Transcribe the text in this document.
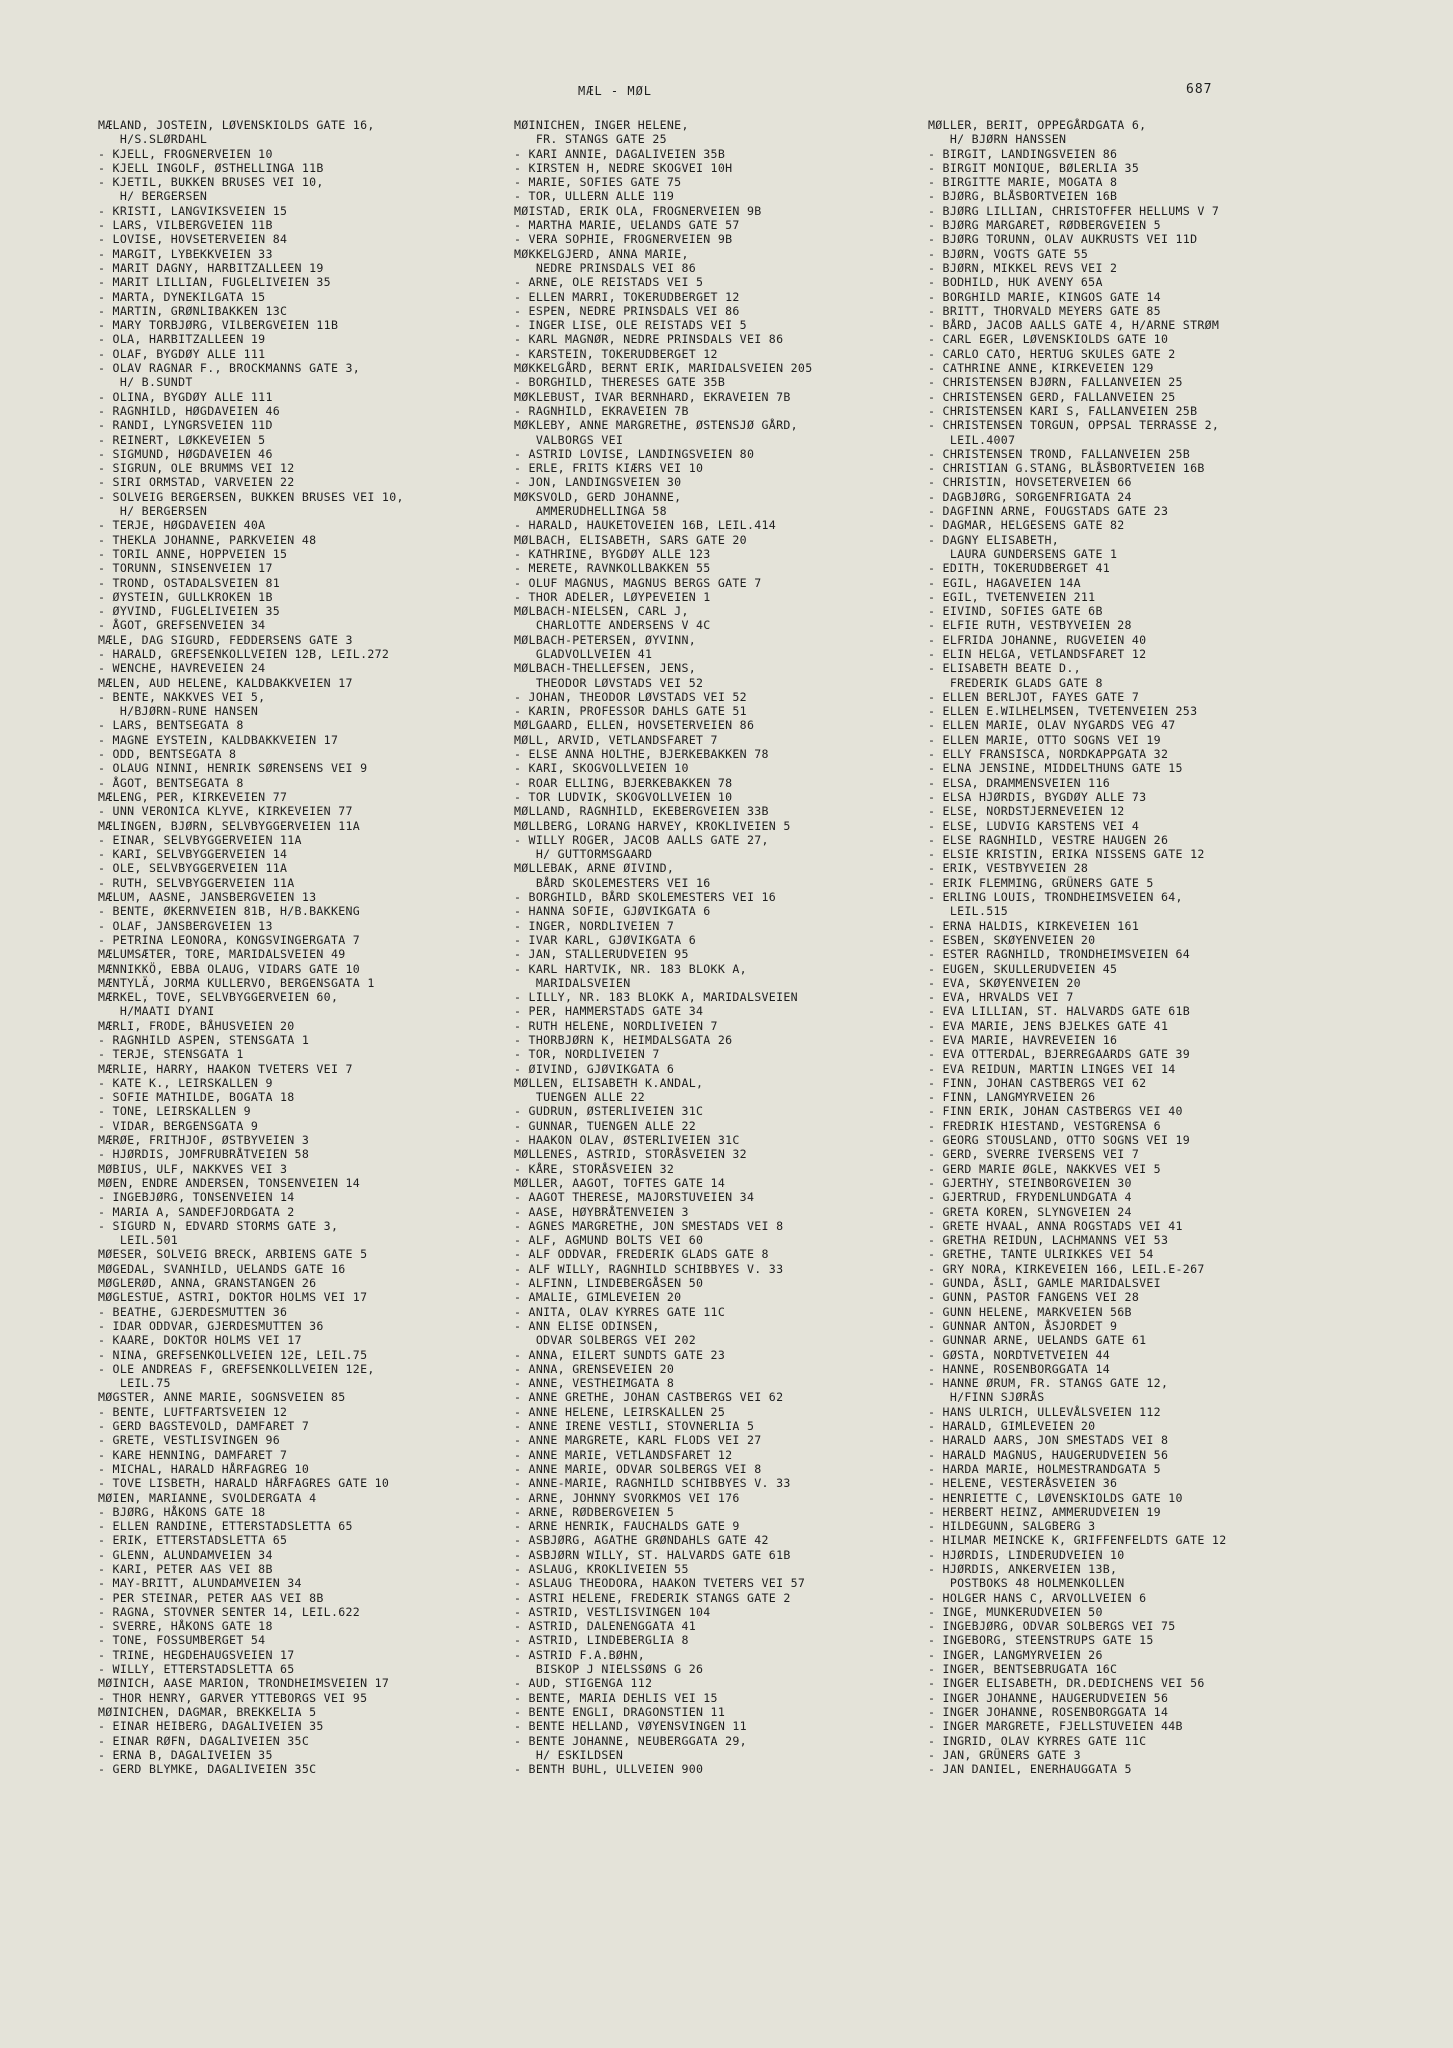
MÆL - MØL	687
MÆLAND, JOSTEIN, LØVENSKIOLDS GATE 16,
H/S.SLØRDAHL
- KJELL, FROGNERVEIEN 10
- KJELL INGOLF, ØSTHELLINGA 11B
- KJETIL, BUKKEN BRUSES VEI 10,
H/ BERGERSEN
- KRISTI, LANGVIKSVEIEN 15
- LARS, VILBERGVEIEN 11B
- LOVISE, HOVSETERVEIEN 84
- MARGIT, LYBEKKVEIEN 33
- MARIT DAGNY, HARBITZALLEEN 19
- MARIT LILLIAN, FUGLELIVEIEN 35
- MARTA, DYNEKILGATA 15
- MARTIN, GRØNLIBAKKEN 13C
- MARY TORBJØRG, VILBERGVEIEN 11B
- OLA, HARBITZALLEEN 19
- OLAF, BYGDØY ALLE 111
- OLAV RAGNAR F., BROCKMANNS GATE 3,
H/ B.SUNDT
- OLINA, BYGDØY ALLE 111
- RAGNHILD, HØGDAVEIEN 46
- RANDI, LYNGRSVEIEN 11D
- REINERT, LØKKEVEIEN 5
- SIGMUND, HØGDAVEIEN 46
- SIGRUN, OLE BRUMMS VEI 12
- SIRI ORMSTAD, VARVEIEN 22
- SOLVEIG BERGERSEN, BUKKEN BRUSES VEI 10,
H/ BERGERSEN
- TERJE, HØGDAVEIEN 40A
- THEKLA JOHANNE, PARKVEIEN 48
- TORIL ANNE, HOPPVEIEN 15
- TORUNN, SINSENVEIEN 17
- TROND, OSTADALSVEIEN 81
- ØYSTEIN, GULLKROKEN 1B
- ØYVIND, FUGLELIVEIEN 35
- ÅGOT, GREFSENVEIEN 34
MÆLE, DAG SIGURD, FEDDERSENS GATE 3
- HARALD, GREFSENKOLLVEIEN 12B, LEIL.272
- WENCHE, HAVREVEIEN 24
MÆLEN, AUD HELENE, KALDBAKKVEIEN 17
- BENTE, NAKKVES VEI 5,
H/BJØRN-RUNE HANSEN
- LARS, BENTSEGATA 8
- MAGNE EYSTEIN, KALDBAKKVEIEN 17
- ODD, BENTSEGATA 8
- OLAUG NINNI, HENRIK SØRENSENS VEI 9
- ÅGOT, BENTSEGATA 8
MÆLENG, PER, KIRKEVEIEN 77
- UNN VERONICA KLYVE, KIRKEVEIEN 77
MÆLINGEN, BJØRN, SELVBYGGERVEIEN 11A
- EINAR, SELVBYGGERVEIEN 11A
- KARI, SELVBYGGERVEIEN 14
- OLE, SELVBYGGERVEIEN 11A
- RUTH, SELVBYGGERVEIEN 11A
MÆLUM, AASNE, JANSBERGVEIEN 13
- BENTE, ØKERNVEIEN 81B, H/B.BAKKENG
- OLAF, JANSBERGVEIEN 13
- PETRINA LEONORA, KONGSVINGERGATA 7
MÆLUMSÆTER, TORE, MARIDALSVEIEN 49
MÆNNIKKÖ, EBBA OLAUG, VIDARS GATE 10
MÆNTYLÄ, JORMA KULLERVO, BERGENSGATA 1
MÆRKEL, TOVE, SELVBYGGERVEIEN 60,
H/MAATI DYANI
MÆRLI, FRODE, BÅHUSVEIEN 20
- RAGNHILD ASPEN, STENSGATA 1
- TERJE, STENSGATA 1
MÆRLIE, HARRY, HAAKON TVETERS VEI 7
- KATE K., LEIRSKALLEN 9
- SOFIE MATHILDE, BOGATA 18
- TONE, LEIRSKALLEN 9
- VIDAR, BERGENSGATA 9
MÆRØE, FRITHJOF, ØSTBYVEIEN 3
- HJØRDIS, JOMFRUBRÅTVEIEN 58
MØBIUS, ULF, NAKKVES VEI 3
MØEN, ENDRE ANDERSEN, TONSENVEIEN 14
- INGEBJØRG, TONSENVEIEN 14
- MARIA A, SANDEFJORDGATA 2
- SIGURD N, EDVARD STORMS GATE 3,
LEIL.501
MØESER, SOLVEIG BRECK, ARBIENS GATE 5
MØGEDAL, SVANHILD, UELANDS GATE 16
MØGLERØD, ANNA, GRANSTANGEN 26
MØGLESTUE, ASTRI, DOKTOR HOLMS VEI 17
- BEATHE, GJERDESMUTTEN 36
- IDAR ODDVAR, GJERDESMUTTEN 36
- KAARE, DOKTOR HOLMS VEI 17
- NINA, GREFSENKOLLVEIEN 12E, LEIL.75
- OLE ANDREAS F, GREFSENKOLLVEIEN 12E,
LEIL.75
MØGSTER, ANNE MARIE, SOGNSVEIEN 85
- BENTE, LUFTFARTSVEIEN 12
- GERD BAGSTEVOLD, DAMFARET 7
- GRETE, VESTLISVINGEN 96
- KARE HENNING, DAMFARET 7
- MICHAL, HARALD HÅRFAGREG 10
- TOVE LISBETH, HARALD HÅRFAGRES GATE 10
MØIEN, MARIANNE, SVOLDERGATA 4
- BJØRG, HÅKONS GATE 18
- ELLEN RANDINE, ETTERSTADSLETTA 65
- ERIK, ETTERSTADSLETTA 65
- GLENN, ALUNDAMVEIEN 34
- KARI, PETER AAS VEI 8B
- MAY-BRITT, ALUNDAMVEIEN 34
- PER STEINAR, PETER AAS VEI 8B
- RAGNA, STOVNER SENTER 14, LEIL.622
- SVERRE, HÅKONS GATE 18
- TONE, FOSSUMBERGET 54
- TRINE, HEGDEHAUGSVEIEN 17
- WILLY, ETTERSTADSLETTA 65
MØINICH, AASE MARION, TRONDHEIMSVEIEN 17
- THOR HENRY, GARVER YTTEBORGS VEI 95
MØINICHEN, DAGMAR, BREKKELIA 5
- EINAR HEIBERG, DAGALIVEIEN 35
- EINAR RØFN, DAGALIVEIEN 35C
- ERNA B, DAGALIVEIEN 35
- GERD BLYMKE, DAGALIVEIEN 35C
MØINICHEN, INGER HELENE,
FR. STANGS GATE 25
- KARI ANNIE, DAGALIVEIEN 35B
- KIRSTEN H, NEDRE SKOGVEI 10H
- MARIE, SOFIES GATE 75
- TOR, ULLERN ALLE 119
MØISTAD, ERIK OLA, FROGNERVEIEN 9B
- MARTHA MARIE, UELANDS GATE 57
- VERA SOPHIE, FROGNERVEIEN 9B
MØKKELGJERD, ANNA MARIE,
NEDRE PRINSDALS VEI 86
- ARNE, OLE REISTADS VEI 5
- ELLEN MARRI, TOKERUDBERGET 12
- ESPEN, NEDRE PRINSDALS VEI 86
- INGER LISE, OLE REISTADS VEI 5
- KARL MAGNØR, NEDRE PRINSDALS VEI 86
- KARSTEIN, TOKERUDBERGET 12
MØKKELGÅRD, BERNT ERIK, MARIDALSVEIEN 205
- BORGHILD, THERESES GATE 35B
MØKLEBUST, IVAR BERNHARD, EKRAVEIEN 7B
- RAGNHILD, EKRAVEIEN 7B
MØKLEBY, ANNE MARGRETHE, ØSTENSJØ GÅRD,
VALBORGS VEI
- ASTRID LOVISE, LANDINGSVEIEN 80
- ERLE, FRITS KIÆRS VEI 10
- JON, LANDINGSVEIEN 30
MØKSVOLD, GERD JOHANNE,
AMMERUDHELLINGA 58
- HARALD, HAUKETOVEIEN 16B, LEIL.414
MØLBACH, ELISABETH, SARS GATE 20
- KATHRINE, BYGDØY ALLE 123
- MERETE, RAVNKOLLBAKKEN 55
- OLUF MAGNUS, MAGNUS BERGS GATE 7
- THOR ADELER, LØYPEVEIEN 1
MØLBACH-NIELSEN, CARL J,
CHARLOTTE ANDERSENS V 4C
MØLBACH-PETERSEN, ØYVINN,
GLADVOLLVEIEN 41
MØLBACH-THELLEFSEN, JENS,
THEODOR LØVSTADS VEI 52
- JOHAN, THEODOR LØVSTADS VEI 52
- KARIN, PROFESSOR DAHLS GATE 51
MØLGAARD, ELLEN, HOVSETERVEIEN 86
MØLL, ARVID, VETLANDSFARET 7
- ELSE ANNA HOLTHE, BJERKEBAKKEN 78
- KARI, SKOGVOLLVEIEN 10
- ROAR ELLING, BJERKEBAKKEN 78
- TOR LUDVIK, SKOGVOLLVEIEN 10
MØLLAND, RAGNHILD, EKEBERGVEIEN 33B
MØLLBERG, LORANG HARVEY, KROKLIVEIEN 5
- WILLY ROGER, JACOB AALLS GATE 27,
H/ GUTTORMSGAARD
MØLLEBAK, ARNE ØIVIND,
BÅRD SKOLEMESTERS VEI 16
- BORGHILD, BÅRD SKOLEMESTERS VEI 16
- HANNA SOFIE, GJØVIKGATA 6
- INGER, NORDLIVEIEN 7
- IVAR KARL, GJØVIKGATA 6
- JAN, STALLERUDVEIEN 95
- KARL HARTVIK, NR. 183 BLOKK A,
MARIDALSVEIEN
- LILLY, NR. 183 BLOKK A, MARIDALSVEIEN
- PER, HAMMERSTADS GATE 34
- RUTH HELENE, NORDLIVEIEN 7
- THORBJØRN K, HEIMDALSGATA 26
- TOR, NORDLIVEIEN 7
- ØIVIND, GJØVIKGATA 6
MØLLEN, ELISABETH K.ANDAL,
TUENGEN ALLE 22
- GUDRUN, ØSTERLIVEIEN 31C
- GUNNAR, TUENGEN ALLE 22
- HAAKON OLAV, ØSTERLIVEIEN 31C
MØLLENES, ASTRID, STORÅSVEIEN 32
- KÅRE, STORÅSVEIEN 32
MØLLER, AAGOT, TOFTES GATE 14
- AAGOT THERESE, MAJORSTUVEIEN 34
- AASE, HØYBRÅTENVEIEN 3
- AGNES MARGRETHE, JON SMESTADS VEI 8
- ALF, AGMUND BOLTS VEI 60
- ALF ODDVAR, FREDERIK GLADS GATE 8
- ALF WILLY, RAGNHILD SCHIBBYES V. 33
- ALFINN, LINDEBERGÅSEN 50
- AMALIE, GIMLEVEIEN 20
- ANITA, OLAV KYRRES GATE 11C
- ANN ELISE ODINSEN,
ODVAR SOLBERGS VEI 202
- ANNA, EILERT SUNDTS GATE 23
- ANNA, GRENSEVEIEN 20
- ANNE, VESTHEIMGATA 8
- ANNE GRETHE, JOHAN CASTBERGS VEI 62
- ANNE HELENE, LEIRSKALLEN 25
- ANNE IRENE VESTLI, STOVNERLIA 5
- ANNE MARGRETE, KARL FLODS VEI 27
- ANNE MARIE, VETLANDSFARET 12
- ANNE MARIE, ODVAR SOLBERGS VEI 8
- ANNE-MARIE, RAGNHILD SCHIBBYES V. 33
- ARNE, JOHNNY SVORKMOS VEI 176
- ARNE, RØDBERGVEIEN 5
- ARNE HENRIK, FAUCHALDS GATE 9
- ASBJØRG, AGATHE GRØNDAHLS GATE 42
- ASBJØRN WILLY, ST. HALVARDS GATE 61B
- ASLAUG, KROKLIVEIEN 55
- ASLAUG THEODORA, HAAKON TVETERS VEI 57
- ASTRI HELENE, FREDERIK STANGS GATE 2
- ASTRID, VESTLISVINGEN 104
- ASTRID, DALENENGGATA 41
- ASTRID, LINDEBERGLIA 8
- ASTRID F.A.BØHN,
BISKOP J NIELSSØNS G 26
- AUD, STIGENGA 112
- BENTE, MARIA DEHLIS VEI 15
- BENTE ENGLI, DRAGONSTIEN 11
- BENTE HELLAND, VØYENSVINGEN 11
- BENTE JOHANNE, NEUBERGGATA 29,
H/ ESKILDSEN
- BENTH BUHL, ULLVEIEN 900
MØLLER, BERIT, OPPEGÅRDGATA 6,
H/ BJØRN HANSSEN
- BIRGIT, LANDINGSVEIEN 86
- BIRGIT MONIQUE, BØLERLIA 35
- BIRGITTE MARIE, MOGATA 8
- BJØRG, BLÅSBORTVEIEN 16B
- BJØRG LILLIAN, CHRISTOFFER HELLUMS V 7
- BJØRG MARGARET, RØDBERGVEIEN 5
- BJØRG TORUNN, OLAV AUKRUSTS VEI 11D
- BJØRN, VOGTS GATE 55
- BJØRN, MIKKEL REVS VEI 2
- BODHILD, HUK AVENY 65A
- BORGHILD MARIE, KINGOS GATE 14
- BRITT, THORVALD MEYERS GATE 85
- BÅRD, JACOB AALLS GATE 4, H/ARNE STRØM
- CARL EGER, LØVENSKIOLDS GATE 10
- CARLO CATO, HERTUG SKULES GATE 2
- CATHRINE ANNE, KIRKEVEIEN 129
- CHRISTENSEN BJØRN, FALLANVEIEN 25
- CHRISTENSEN GERD, FALLANVEIEN 25
- CHRISTENSEN KARI S, FALLANVEIEN 25B
- CHRISTENSEN TORGUN, OPPSAL TERRASSE 2,
LEIL.4007
- CHRISTENSEN TROND, FALLANVEIEN 25B
- CHRISTIAN G.STANG, BLÅSBORTVEIEN 16B
- CHRISTIN, HOVSETERVEIEN 66
- DAGBJØRG, SORGENFRIGATA 24
- DAGFINN ARNE, FOUGSTADS GATE 23
- DAGMAR, HELGESENS GATE 82
- DAGNY ELISABETH,
LAURA GUNDERSENS GATE 1
- EDITH, TOKERUDBERGET 41
- EGIL, HAGAVEIEN 14A
- EGIL, TVETENVEIEN 211
- EIVIND, SOFIES GATE 6B
- ELFIE RUTH, VESTBYVEIEN 28
- ELFRIDA JOHANNE, RUGVEIEN 40
- ELIN HELGA, VETLANDSFARET 12
- ELISABETH BEATE D.,
FREDERIK GLADS GATE 8
- ELLEN BERLJOT, FAYES GATE 7
- ELLEN E.WILHELMSEN, TVETENVEIEN 253
- ELLEN MARIE, OLAV NYGARDS VEG 47
- ELLEN MARIE, OTTO SOGNS VEI 19
- ELLY FRANSISCA, NORDKAPPGATA 32
- ELNA JENSINE, MIDDELTHUNS GATE 15
- ELSA, DRAMMENSVEIEN 116
- ELSA HJØRDIS, BYGDØY ALLE 73
- ELSE, NORDSTJERNEVEIEN 12
- ELSE, LUDVIG KARSTENS VEI 4
- ELSE RAGNHILD, VESTRE HAUGEN 26
- ELSIE KRISTIN, ERIKA NISSENS GATE 12
- ERIK, VESTBYVEIEN 28
- ERIK FLEMMING, GRÜNERS GATE 5
- ERLING LOUIS, TRONDHEIMSVEIEN 64,
LEIL.515
- ERNA HALDIS, KIRKEVEIEN 161
- ESBEN, SKØYENVEIEN 20
- ESTER RAGNHILD, TRONDHEIMSVEIEN 64
- EUGEN, SKULLERUDVEIEN 45
- EVA, SKØYENVEIEN 20
- EVA, HRVALDS VEI 7
- EVA LILLIAN, ST. HALVARDS GATE 61B
- EVA MARIE, JENS BJELKES GATE 41
- EVA MARIE, HAVREVEIEN 16
- EVA OTTERDAL, BJERREGAARDS GATE 39
- EVA REIDUN, MARTIN LINGES VEI 14
- FINN, JOHAN CASTBERGS VEI 62
- FINN, LANGMYRVEIEN 26
- FINN ERIK, JOHAN CASTBERGS VEI 40
- FREDRIK HIESTAND, VESTGRENSA 6
- GEORG STOUSLAND, OTTO SOGNS VEI 19
- GERD, SVERRE IVERSENS VEI 7
- GERD MARIE ØGLE, NAKKVES VEI 5
- GJERTHY, STEINBORGVEIEN 30
- GJERTRUD, FRYDENLUNDGATA 4
- GRETA KOREN, SLYNGVEIEN 24
- GRETE HVAAL, ANNA ROGSTADS VEI 41
- GRETHA REIDUN, LACHMANNS VEI 53
- GRETHE, TANTE ULRIKKES VEI 54
- GRY NORA, KIRKEVEIEN 166, LEIL.E-267
- GUNDA, ÅSLI, GAMLE MARIDALSVEI
- GUNN, PASTOR FANGENS VEI 28
- GUNN HELENE, MARKVEIEN 56B
- GUNNAR ANTON, ÅSJORDET 9
- GUNNAR ARNE, UELANDS GATE 61
- GØSTA, NORDTVETVEIEN 44
- HANNE, ROSENBORGGATA 14
- HANNE ØRUM, FR. STANGS GATE 12,
H/FINN SJØRÅS
- HANS ULRICH, ULLEVÅLSVEIEN 112
- HARALD, GIMLEVEIEN 20
- HARALD AARS, JON SMESTADS VEI 8
- HARALD MAGNUS, HAUGERUDVEIEN 56
- HARDA MARIE, HOLMESTRANDGATA 5
- HELENE, VESTERÅSVEIEN 36
- HENRIETTE C, LØVENSKIOLDS GATE 10
- HERBERT HEINZ, AMMERUDVEIEN 19
- HILDEGUNN, SALGBERG 3
- HILMAR MEINCKE K, GRIFFENFELDTS GATE 12
- HJØRDIS, LINDERUDVEIEN 10
- HJØRDIS, ANKERVEIEN 13B,
POSTBOKS 48 HOLMENKOLLEN
- HOLGER HANS C, ARVOLLVEIEN 6
- INGE, MUNKERUDVEIEN 50
- INGEBJØRG, ODVAR SOLBERGS VEI 75
- INGEBORG, STEENSTRUPS GATE 15
- INGER, LANGMYRVEIEN 26
- INGER, BENTSEBRUGATA 16C
- INGER ELISABETH, DR.DEDICHENS VEI 56
- INGER JOHANNE, HAUGERUDVEIEN 56
- INGER JOHANNE, ROSENBORGGATA 14
- INGER MARGRETE, FJELLSTUVEIEN 44B
- INGRID, OLAV KYRRES GATE 11C
- JAN, GRÜNERS GATE 3
- JAN DANIEL, ENERHAUGGATA 5
